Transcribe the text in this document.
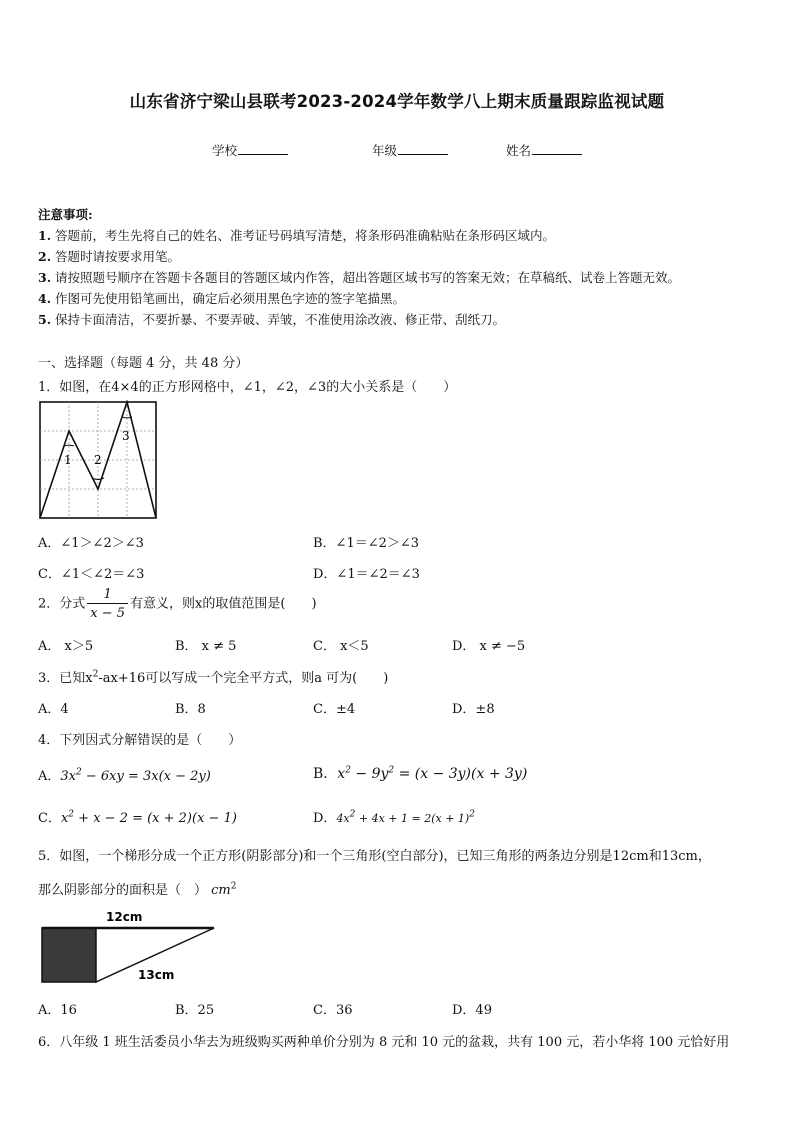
山东省济宁梁山县联考2023-2024学年数学八上期末质量跟踪监视试题
学校	年级	姓名
注意事项:
1. 答题前，考生先将自己的姓名、准考证号码填写清楚，将条形码准确粘贴在条形码区域内。
2. 答题时请按要求用笔。
3. 请按照题号顺序在答题卡各题目的答题区域内作答，超出答题区域书写的答案无效；在草稿纸、试卷上答题无效。
4. 作图可先使用铅笔画出，确定后必须用黑色字迹的签字笔描黑。
5. 保持卡面清洁，不要折暴、不要弄破、弄皱，不准使用涂改液、修正带、刮纸刀。
一、选择题（每题 4 分，共 48 分）
1．如图，在4×4的正方形网格中，∠1，∠2，∠3的大小关系是（　　）
1 2
3
A．∠1＞∠2＞∠3	B．∠1＝∠2＞∠3
C．∠1＜∠2＝∠3	D．∠1＝∠2＝∠3
2．分式 $\frac{1}{x - 5}$ 有意义，则x的取值范围是(　　)
A． x＞5	B． x ≠ 5	C． x＜5	D． x ≠ −5
3．已知$x^2-ax+16$可以写成一个完全平方式，则a 可为(　　)
A．4	B．8	C．±4	D．±8
4．下列因式分解错误的是（　　）
A．$3x^2 - 6xy = 3x(x - 2y)$	B．$x^2 - 9y^2 = (x - 3y)(x + 3y)$
C．$x^2 + x - 2 = (x + 2)(x - 1)$	D．$4x^2 + 4x + 1 = 2(x + 1)^2$
5．如图，一个梯形分成一个正方形(阴影部分)和一个三角形(空白部分)，已知三角形的两条边分别是12cm和13cm，
那么阴影部分的面积是（　） $cm^2$
12cm
13cm
A．16	B．25	C．36	D．49
6．八年级 1 班生活委员小华去为班级购买两种单价分别为 8 元和 10 元的盆栽，共有 100 元，若小华将 100 元恰好用
